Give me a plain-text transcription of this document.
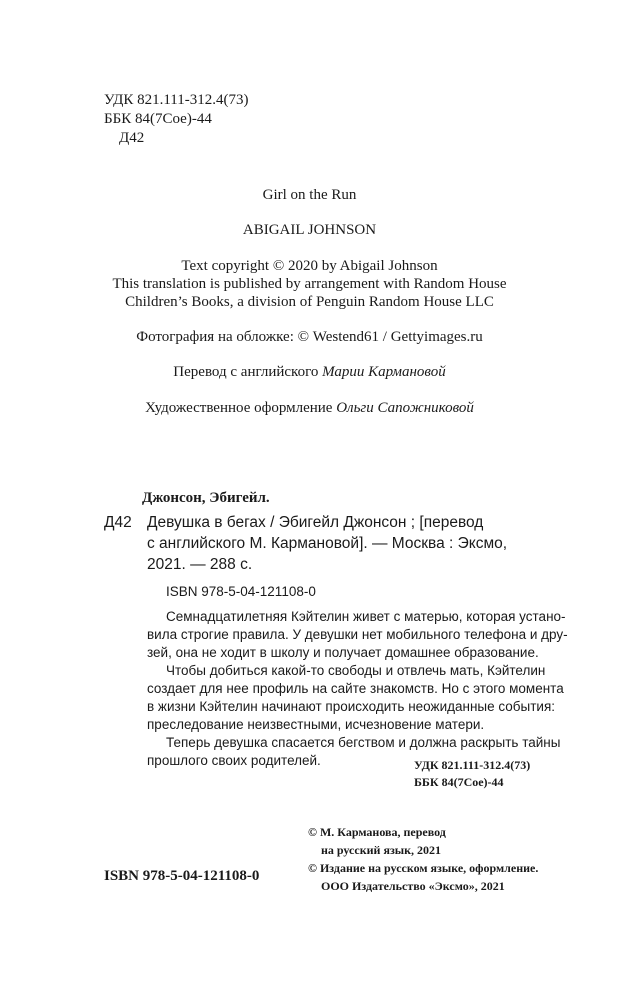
УДК 821.111-312.4(73)

ББК 84(7Сое)-44

Д42

Girl on the Run

ABIGAIL JOHNSON

Text copyright © 2020 by Abigail Johnson

This translation is published by arrangement with Random House

Children’s Books, a division of Penguin Random House LLC

Фотография на обложке: © Westend61 / Gettyimages.ru

Перевод с английского Марии Кармановой

Художественное оформление Ольги Сапожниковой

Джонсон, Эбигейл.

Д42 Девушка в бегах / Эбигейл Джонсон ; [перевод

с английского М. Кармановой]. — Москва : Эксмо,

2021. — 288 с.

ISBN 978-5-04-121108-0

Семнадцатилетняя Кэйтелин живет с матерью, которая устано-

вила строгие правила. У девушки нет мобильного телефона и дру-

зей, она не ходит в школу и получает домашнее образование.

Чтобы добиться какой-то свободы и отвлечь мать, Кэйтелин

создает для нее профиль на сайте знакомств. Но с этого момента

в жизни Кэйтелин начинают происходить неожиданные события:

преследование неизвестными, исчезновение матери.

Теперь девушка спасается бегством и должна раскрыть тайны

прошлого своих родителей.	УДК 821.111-312.4(73)

ББК 84(7Сое)-44

© М. Карманова, перевод

на русский язык, 2021

© Издание на русском языке, оформление.

ООО Издательство «Эксмо», 2021

ISBN 978-5-04-121108-0
